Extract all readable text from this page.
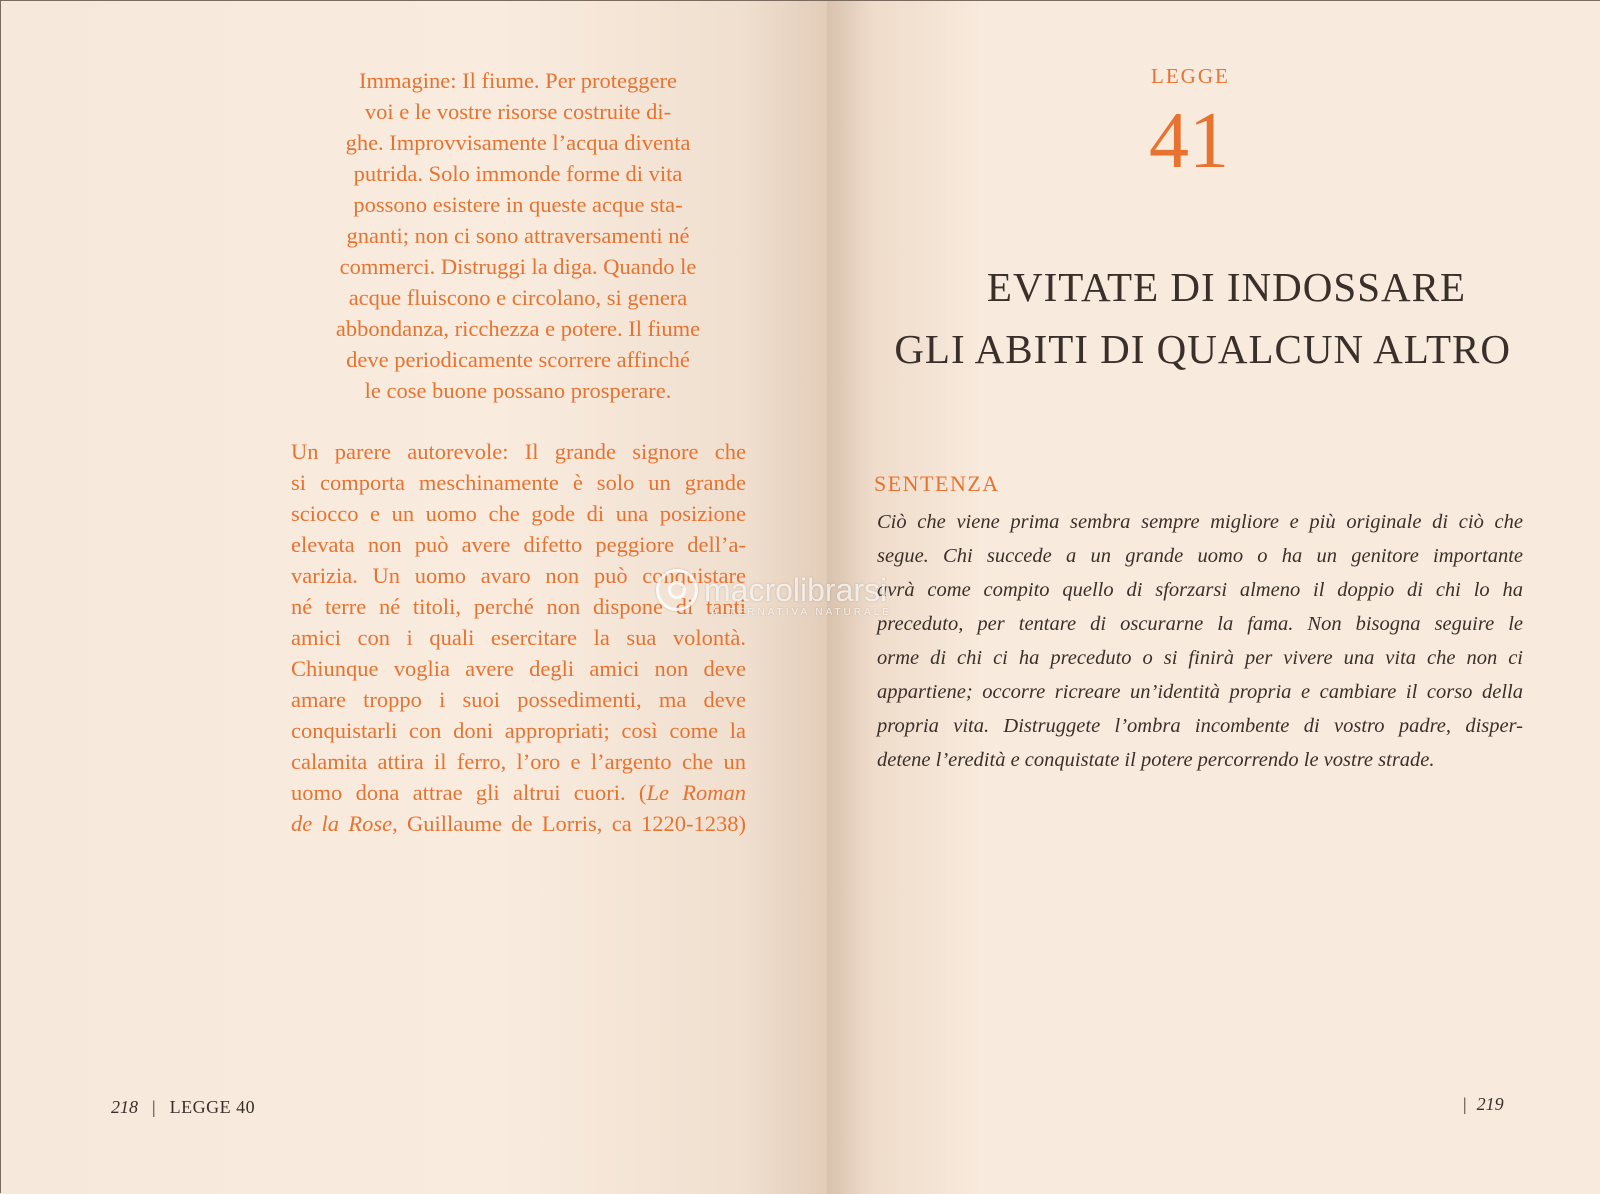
Immagine: Il fiume. Per proteggere
voi e le vostre risorse costruite di-
ghe. Improvvisamente l’acqua diventa
putrida. Solo immonde forme di vita
possono esistere in queste acque sta-
gnanti; non ci sono attraversamenti né
commerci. Distruggi la diga. Quando le
acque fluiscono e circolano, si genera
abbondanza, ricchezza e potere. Il fiume
deve periodicamente scorrere affinché
le cose buone possano prosperare.
Un parere autorevole: Il grande signore che
si comporta meschinamente è solo un grande
sciocco e un uomo che gode di una posizione
elevata non può avere difetto peggiore dell’a-
varizia. Un uomo avaro non può conquistare
né terre né titoli, perché non dispone di tanti
amici con i quali esercitare la sua volontà.
Chiunque voglia avere degli amici non deve
amare troppo i suoi possedimenti, ma deve
conquistarli con doni appropriati; così come la
calamita attira il ferro, l’oro e l’argento che un
uomo dona attrae gli altrui cuori. (Le Roman
de la Rose, Guillaume de Lorris, ca 1220-1238)
218 | LEGGE 40
LEGGE
41
EVITATE DI INDOSSARE
GLI ABITI DI QUALCUN ALTRO
SENTENZA
Ciò che viene prima sembra sempre migliore e più originale di ciò che
segue. Chi succede a un grande uomo o ha un genitore importante
avrà come compito quello di sforzarsi almeno il doppio di chi lo ha
preceduto, per tentare di oscurarne la fama. Non bisogna seguire le
orme di chi ci ha preceduto o si finirà per vivere una vita che non ci
appartiene; occorre ricreare un’identità propria e cambiare il corso della
propria vita. Distruggete l’ombra incombente di vostro padre, disper-
detene l’eredità e conquistate il potere percorrendo le vostre strade.
| 219
macrolibrarsi
ALTERNATIVA NATURALE
